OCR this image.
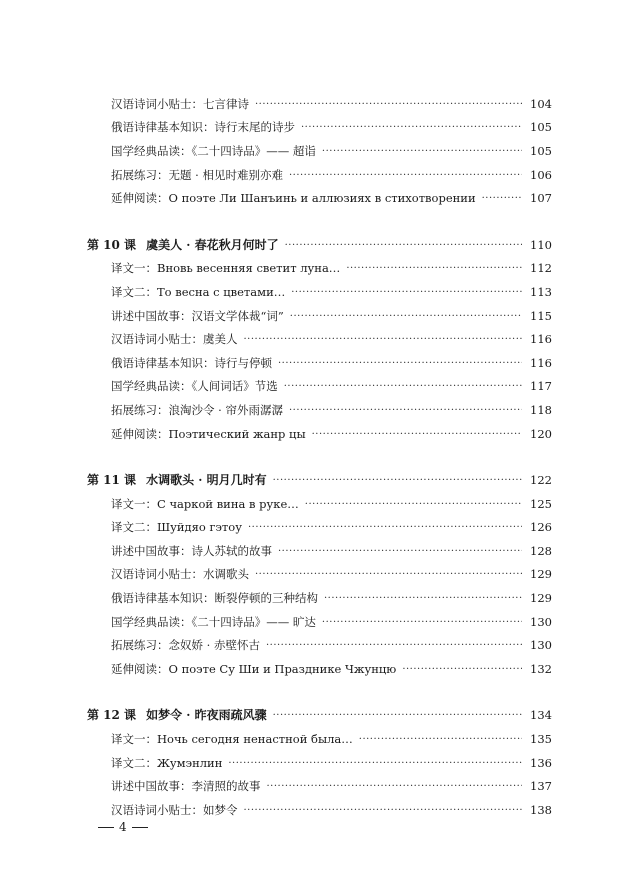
汉语诗词小贴士：七言律诗 ·····	104
俄语诗律基本知识：诗行末尾的诗步 ·····	105
国学经典品读：《二十四诗品》—— 超诣 ·····	105
拓展练习：无题 · 相见时难别亦难 ·····	106
延伸阅读：О поэте Ли Шанъинь и аллюзиях в стихотворении ·····	107
第 10 课 虞美人 · 春花秋月何时了 ·····	110
译文一：Вновь весенняя светит луна… ·····	112
译文二：То весна с цветами… ·····	113
讲述中国故事：汉语文学体裁“词” ·····	115
汉语诗词小贴士：虞美人 ·····	116
俄语诗律基本知识：诗行与停顿 ·····	116
国学经典品读：《人间词话》节选 ·····	117
拓展练习：浪淘沙令 · 帘外雨潺潺 ·····	118
延伸阅读：Поэтический жанр цы ·····	120
第 11 课 水调歌头 · 明月几时有 ·····	122
译文一：С чаркой вина в руке… ·····	125
译文二：Шуйдяо гэтоу ·····	126
讲述中国故事：诗人苏轼的故事 ·····	128
汉语诗词小贴士：水调歌头 ·····	129
俄语诗律基本知识：断裂停顿的三种结构 ·····	129
国学经典品读：《二十四诗品》—— 旷达 ·····	130
拓展练习：念奴娇 · 赤壁怀古 ·····	130
延伸阅读：О поэте Су Ши и Празднике Чжунцю ·····	132
第 12 课 如梦令 · 昨夜雨疏风骤 ·····	134
译文一：Ночь сегодня ненастной была… ·····	135
译文二：Жумэнлин ·····	136
讲述中国故事：李清照的故事 ·····	137
汉语诗词小贴士：如梦令 ·····	138
4
